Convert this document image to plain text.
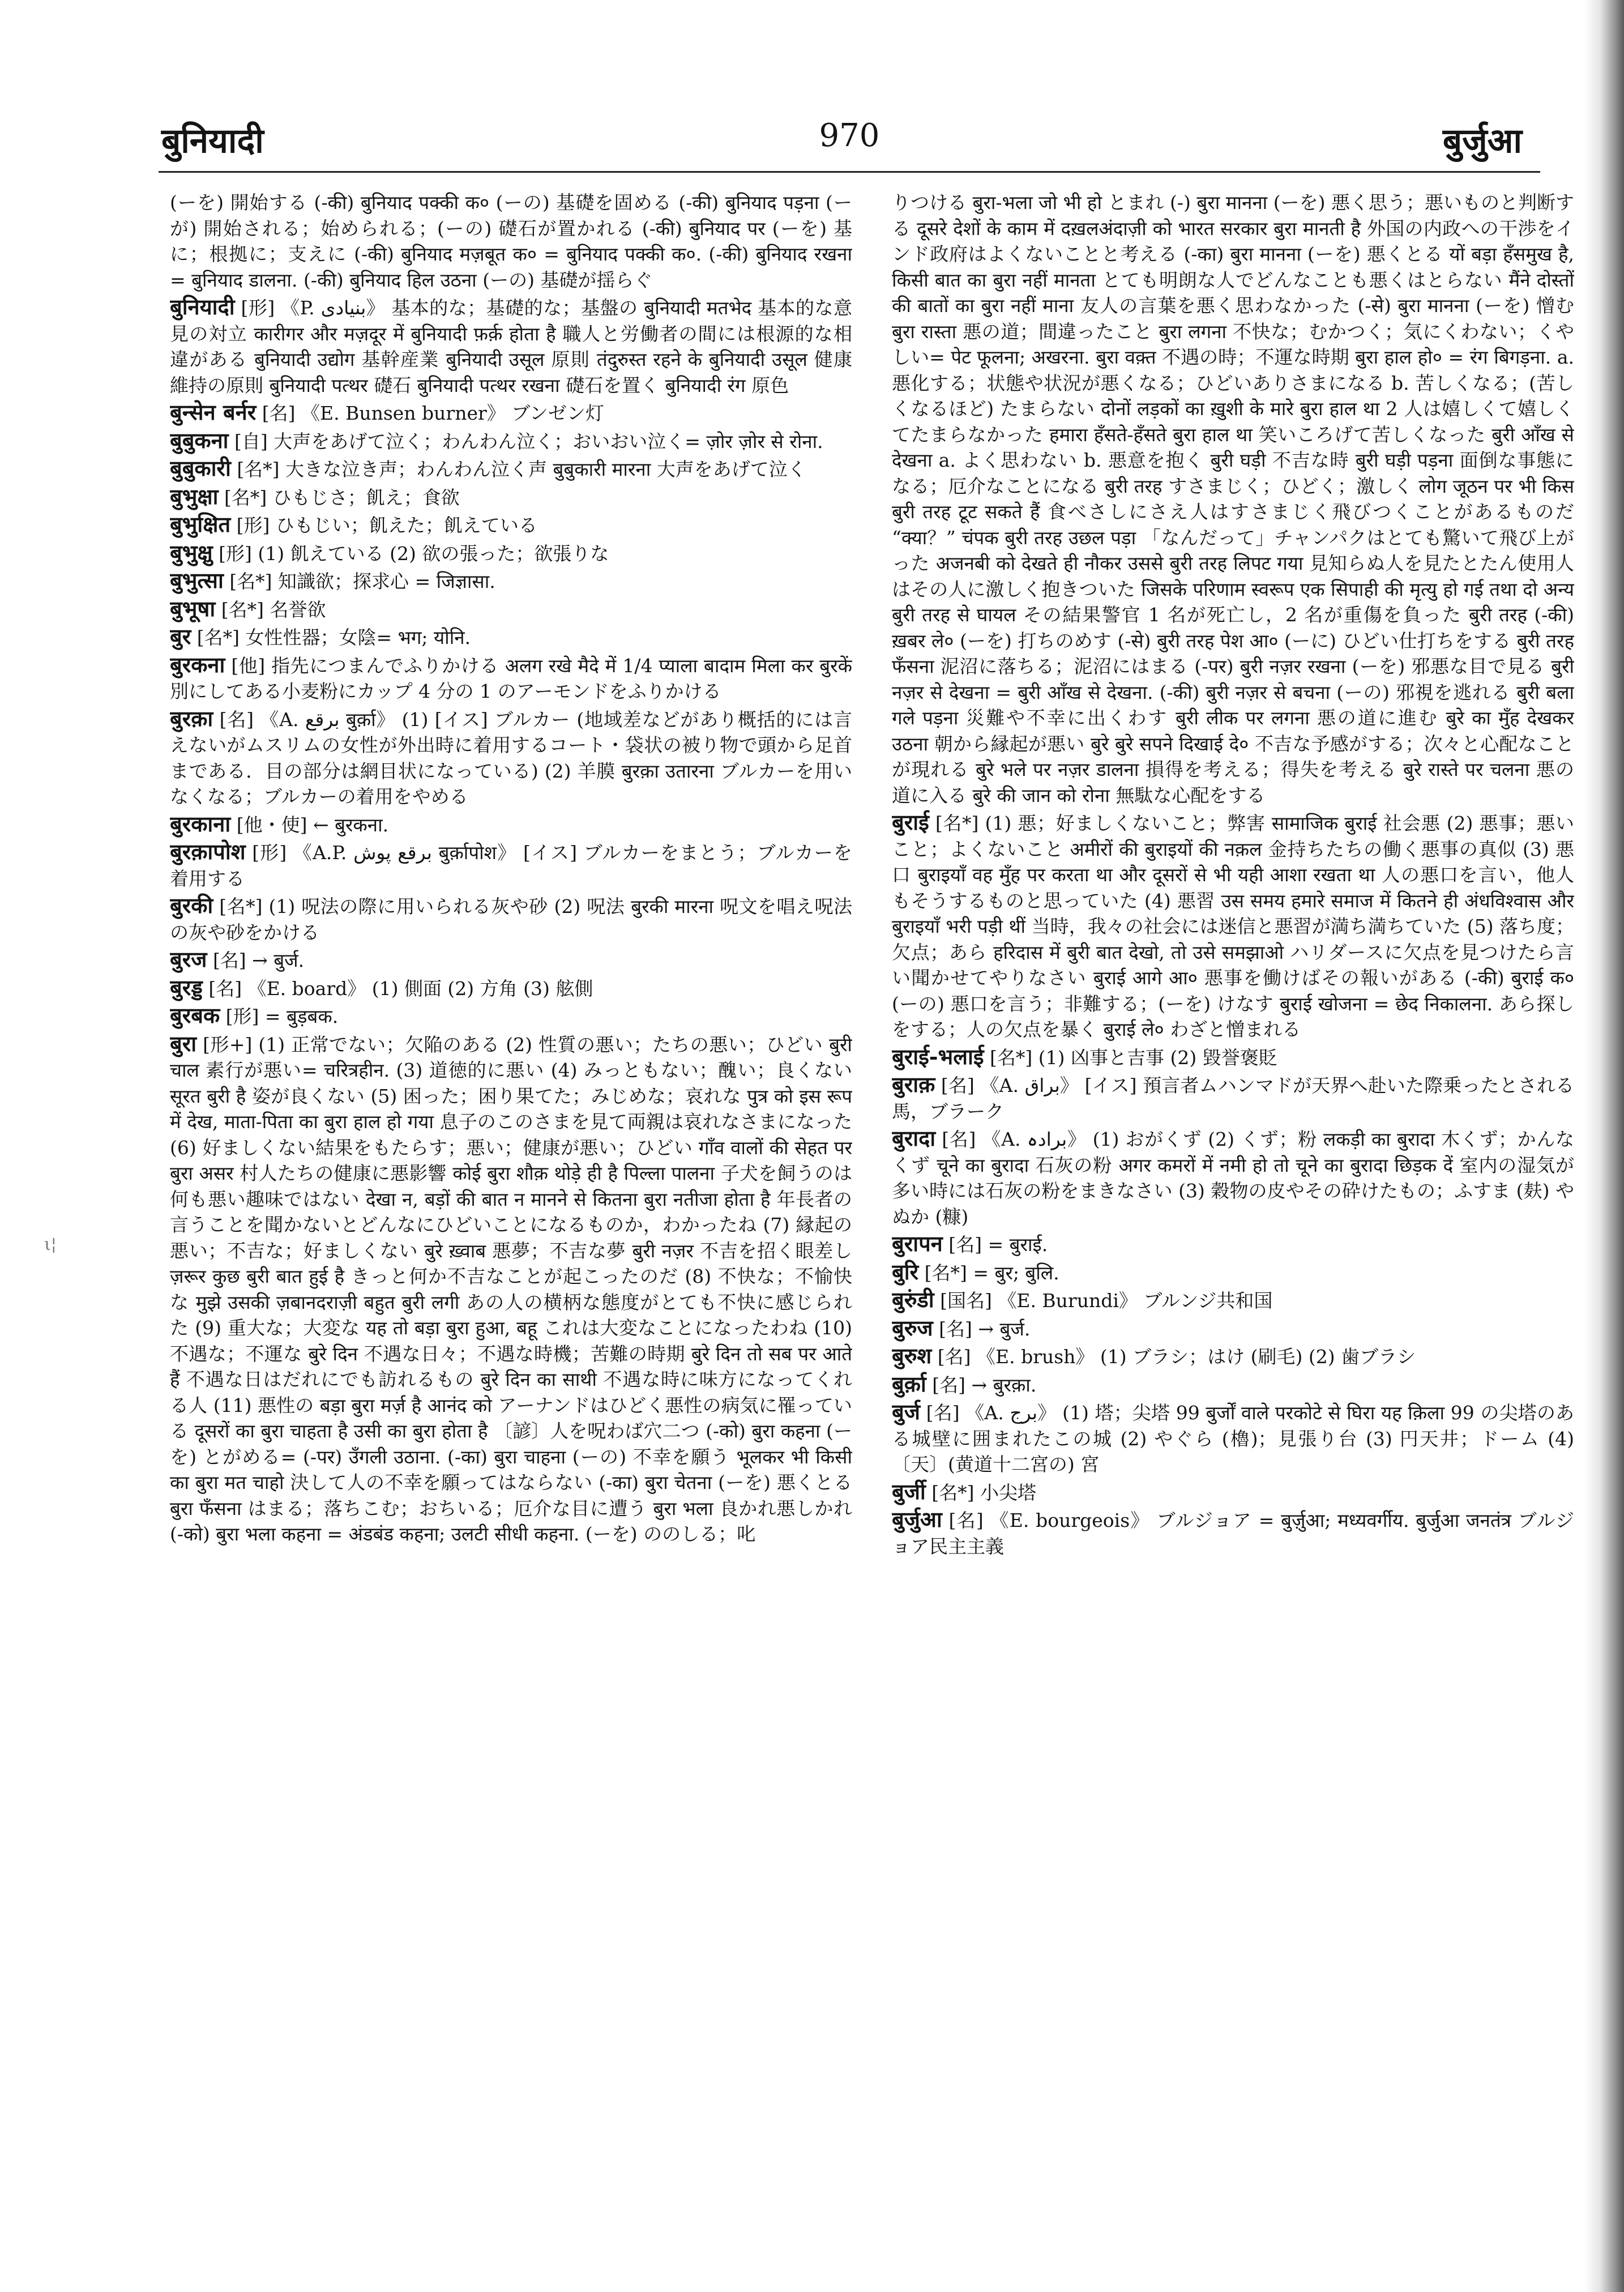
बुनियादी	970	बुर्जुआ
ι¦

(ーを) 開始する (-की) बुनियाद पक्की क० (ーの) 基礎を固める (-की) बुनियाद पड़ना (ーが) 開始される；始められる；(ーの) 礎石が置かれる (-की) बुनियाद पर (ーを) 基に；根拠に；支えに (-की) बुनियाद मज़बूत क० = बुनियाद पक्की क०. (-की) बुनियाद रखना = बुनियाद डालना. (-की) बुनियाद हिल उठना (ーの) 基礎が揺らぐ

बुनियादी [形] 《P. بنیادی》 基本的な；基礎的な；基盤の बुनियादी मतभेद 基本的な意見の対立 कारीगर और मज़दूर में बुनियादी फ़र्क़ होता है 職人と労働者の間には根源的な相違がある बुनियादी उद्योग 基幹産業 बुनियादी उसूल 原則 तंदुरुस्त रहने के बुनियादी उसूल 健康維持の原則 बुनियादी पत्थर 礎石 बुनियादी पत्थर रखना 礎石を置く बुनियादी रंग 原色

बुन्सेन बर्नर [名] 《E. Bunsen burner》 ブンゼン灯

बुबुकना [自] 大声をあげて泣く；わんわん泣く；おいおい泣く= ज़ोर ज़ोर से रोना.

बुबुकारी [名*] 大きな泣き声；わんわん泣く声 बुबुकारी मारना 大声をあげて泣く

बुभुक्षा [名*] ひもじさ；飢え；食欲

बुभुक्षित [形] ひもじい；飢えた；飢えている

बुभुक्षु [形] (1) 飢えている (2) 欲の張った；欲張りな

बुभुत्सा [名*] 知識欲；探求心 = जिज्ञासा.

बुभूषा [名*] 名誉欲

बुर [名*] 女性性器；女陰= भग; योनि.

बुरकना [他] 指先につまんでふりかける अलग रखे मैदे में 1/4 प्याला बादाम मिला कर बुरकें 別にしてある小麦粉にカップ 4 分の 1 のアーモンドをふりかける

बुरक़ा [名] 《A. برقع बुर्क़ा》 (1) [イス] ブルカー (地域差などがあり概括的には言えないがムスリムの女性が外出時に着用するコート・袋状の被り物で頭から足首まである．目の部分は網目状になっている) (2) 羊膜 बुरक़ा उतारना ブルカーを用いなくなる；ブルカーの着用をやめる

बुरकाना [他・使] ← बुरकना.

बुरक़ापोश [形] 《A.P. برقع پوش बुर्क़ापोश》 [イス] ブルカーをまとう；ブルカーを着用する

बुरकी [名*] (1) 呪法の際に用いられる灰や砂 (2) 呪法 बुरकी मारना 呪文を唱え呪法の灰や砂をかける

बुरज [名] → बुर्ज.

बुरड्ड [名] 《E. board》 (1) 側面 (2) 方角 (3) 舷側

बुरबक [形] = बुड़बक.

बुरा [形+] (1) 正常でない；欠陥のある (2) 性質の悪い；たちの悪い；ひどい बुरी चाल 素行が悪い= चरित्रहीन. (3) 道徳的に悪い (4) みっともない；醜い；良くない सूरत बुरी है 姿が良くない (5) 困った；困り果てた；みじめな；哀れな पुत्र को इस रूप में देख, माता-पिता का बुरा हाल हो गया 息子のこのさまを見て両親は哀れなさまになった (6) 好ましくない結果をもたらす；悪い；健康が悪い；ひどい गाँव वालों की सेहत पर बुरा असर 村人たちの健康に悪影響 कोई बुरा शौक़ थोड़े ही है पिल्ला पालना 子犬を飼うのは何も悪い趣味ではない देखा न, बड़ों की बात न मानने से कितना बुरा नतीजा होता है 年長者の言うことを聞かないとどんなにひどいことになるものか，わかったね (7) 縁起の悪い；不吉な；好ましくない बुरे ख़्वाब 悪夢；不吉な夢 बुरी नज़र 不吉を招く眼差し ज़रूर कुछ बुरी बात हुई है きっと何か不吉なことが起こったのだ (8) 不快な；不愉快な मुझे उसकी ज़बानदराज़ी बहुत बुरी लगी あの人の横柄な態度がとても不快に感じられた (9) 重大な；大変な यह तो बड़ा बुरा हुआ, बहू これは大変なことになったわね (10) 不遇な；不運な बुरे दिन 不遇な日々；不遇な時機；苦難の時期 बुरे दिन तो सब पर आते हैं 不遇な日はだれにでも訪れるもの बुरे दिन का साथी 不遇な時に味方になってくれる人 (11) 悪性の बड़ा बुरा मर्ज़ है आनंद को アーナンドはひどく悪性の病気に罹っている दूसरों का बुरा चाहता है उसी का बुरा होता है 〔諺〕人を呪わば穴二つ (-को) बुरा कहना (ーを) とがめる= (-पर) उँगली उठाना. (-का) बुरा चाहना (ーの) 不幸を願う भूलकर भी किसी का बुरा मत चाहो 決して人の不幸を願ってはならない (-का) बुरा चेतना (ーを) 悪くとる बुरा फँसना はまる；落ちこむ；おちいる；厄介な目に遭う बुरा भला 良かれ悪しかれ (-को) बुरा भला कहना = अंडबंड कहना; उलटी सीधी कहना. (ーを) ののしる；叱

りつける बुरा-भला जो भी हो とまれ (-) बुरा मानना (ーを) 悪く思う；悪いものと判断する दूसरे देशों के काम में दख़लअंदाज़ी को भारत सरकार बुरा मानती है 外国の内政への干渉をインド政府はよくないことと考える (-का) बुरा मानना (ーを) 悪くとる यों बड़ा हँसमुख है, किसी बात का बुरा नहीं मानता とても明朗な人でどんなことも悪くはとらない मैंने दोस्तों की बातों का बुरा नहीं माना 友人の言葉を悪く思わなかった (-से) बुरा मानना (ーを) 憎む बुरा रास्ता 悪の道；間違ったこと बुरा लगना 不快な；むかつく；気にくわない；くやしい= पेट फूलना; अखरना. बुरा वक़्त 不遇の時；不運な時期 बुरा हाल हो० = रंग बिगड़ना. a. 悪化する；状態や状況が悪くなる；ひどいありさまになる b. 苦しくなる；(苦しくなるほど) たまらない दोनों लड़कों का ख़ुशी के मारे बुरा हाल था 2 人は嬉しくて嬉しくてたまらなかった हमारा हँसते-हँसते बुरा हाल था 笑いころげて苦しくなった बुरी आँख से देखना a. よく思わない b. 悪意を抱く बुरी घड़ी 不吉な時 बुरी घड़ी पड़ना 面倒な事態になる；厄介なことになる बुरी तरह すさまじく；ひどく；激しく लोग जूठन पर भी किस बुरी तरह टूट सकते हैं 食べさしにさえ人はすさまじく飛びつくことがあるものだ “क्या？” चंपक बुरी तरह उछल पड़ा 「なんだって」チャンパクはとても驚いて飛び上がった अजनबी को देखते ही नौकर उससे बुरी तरह लिपट गया 見知らぬ人を見たとたん使用人はその人に激しく抱きついた जिसके परिणाम स्वरूप एक सिपाही की मृत्यु हो गई तथा दो अन्य बुरी तरह से घायल その結果警官 1 名が死亡し，2 名が重傷を負った बुरी तरह (-की) ख़बर ले० (ーを) 打ちのめす (-से) बुरी तरह पेश आ० (ーに) ひどい仕打ちをする बुरी तरह फँसना 泥沼に落ちる；泥沼にはまる (-पर) बुरी नज़र रखना (ーを) 邪悪な目で見る बुरी नज़र से देखना = बुरी आँख से देखना. (-की) बुरी नज़र से बचना (ーの) 邪視を逃れる बुरी बला गले पड़ना 災難や不幸に出くわす बुरी लीक पर लगना 悪の道に進む बुरे का मुँह देखकर उठना 朝から縁起が悪い बुरे बुरे सपने दिखाई दे० 不吉な予感がする；次々と心配なことが現れる बुरे भले पर नज़र डालना 損得を考える；得失を考える बुरे रास्ते पर चलना 悪の道に入る बुरे की जान को रोना 無駄な心配をする

बुराई [名*] (1) 悪；好ましくないこと；弊害 सामाजिक बुराई 社会悪 (2) 悪事；悪いこと；よくないこと अमीरों की बुराइयों की नक़ल 金持ちたちの働く悪事の真似 (3) 悪口 बुराइयाँ वह मुँह पर करता था और दूसरों से भी यही आशा रखता था 人の悪口を言い，他人もそうするものと思っていた (4) 悪習 उस समय हमारे समाज में कितने ही अंधविश्वास और बुराइयाँ भरी पड़ी थीं 当時，我々の社会には迷信と悪習が満ち満ちていた (5) 落ち度；欠点；あら हरिदास में बुरी बात देखो, तो उसे समझाओ ハリダースに欠点を見つけたら言い聞かせてやりなさい बुराई आगे आ० 悪事を働けばその報いがある (-की) बुराई क० (ーの) 悪口を言う；非難する；(ーを) けなす बुराई खोजना = छेद निकालना. あら探しをする；人の欠点を暴く बुराई ले० わざと憎まれる

बुराई-भलाई [名*] (1) 凶事と吉事 (2) 毀誉褒貶

बुराक़ [名] 《A. براق》 [イス] 預言者ムハンマドが天界へ赴いた際乗ったとされる馬，ブラーク

बुरादा [名] 《A. برادہ》 (1) おがくず (2) くず；粉 लकड़ी का बुरादा 木くず；かんなくず चूने का बुरादा 石灰の粉 अगर कमरों में नमी हो तो चूने का बुरादा छिड़क दें 室内の湿気が多い時には石灰の粉をまきなさい (3) 穀物の皮やその砕けたもの；ふすま (麸) やぬか (糠)

बुरापन [名] = बुराई.

बुरि [名*] = बुर; बुलि.

बुरुंडी [国名] 《E. Burundi》 ブルンジ共和国

बुरुज [名] → बुर्ज.

बुरुश [名] 《E. brush》 (1) ブラシ；はけ (刷毛) (2) 歯ブラシ

बुर्क़ा [名] → बुरक़ा.

बुर्ज [名] 《A. برج》 (1) 塔；尖塔 99 बुर्जों वाले परकोटे से घिरा यह क़िला 99 の尖塔のある城壁に囲まれたこの城 (2) やぐら (櫓)；見張り台 (3) 円天井；ドーム (4) 〔天〕(黄道十二宮の) 宮

बुर्जी [名*] 小尖塔

बुर्जुआ [名] 《E. bourgeois》 ブルジョア = बुर्ज़ुआ; मध्यवर्गीय. बुर्जुआ जनतंत्र ブルジョア民主主義
